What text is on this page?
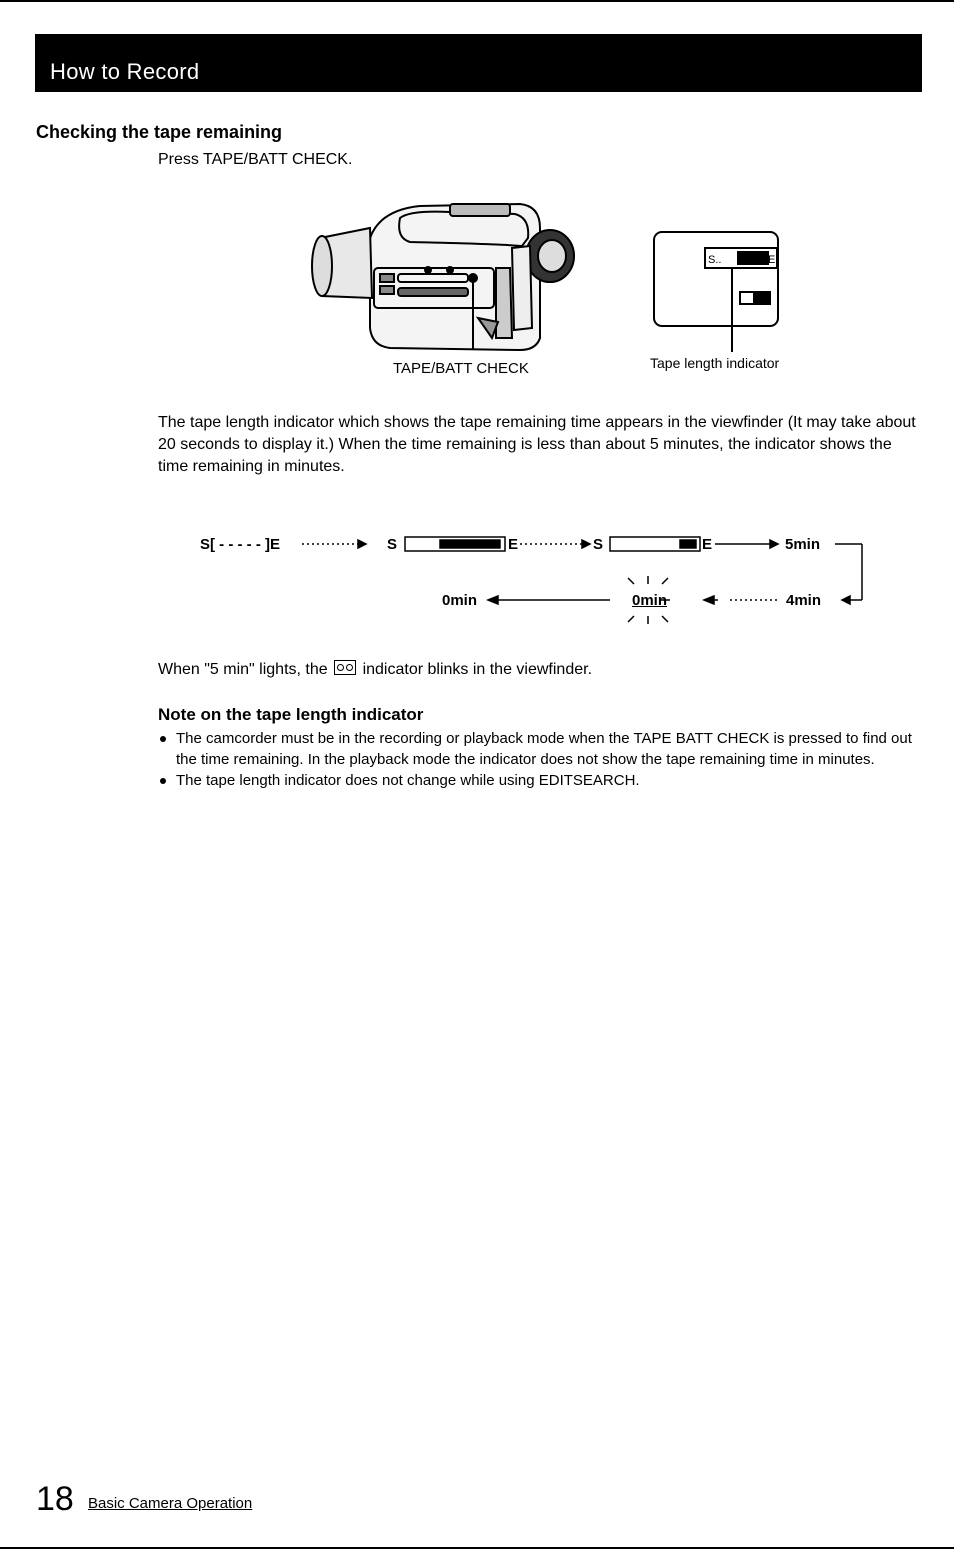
How to Record
Checking the tape remaining
Press TAPE/BATT CHECK.
TAPE/BATT CHECK
S..	E
Tape length indicator

The tape length indicator which shows the tape remaining time appears in the viewfinder (It may take about 20 seconds to display it.) When the time remaining is less than about 5 minutes, the indicator shows the time remaining in minutes.

S[ - - - - - ]E	S	E	S	E	5min
4min
0min
0min
When "5 min" lights, the indicator blinks in the viewfinder.
Note on the tape length indicator
The camcorder must be in the recording or playback mode when the TAPE BATT CHECK is pressed to find out the time remaining. In the playback mode the indicator does not show the tape remaining time in minutes.
The tape length indicator does not change while using EDITSEARCH.
18 Basic Camera Operation
